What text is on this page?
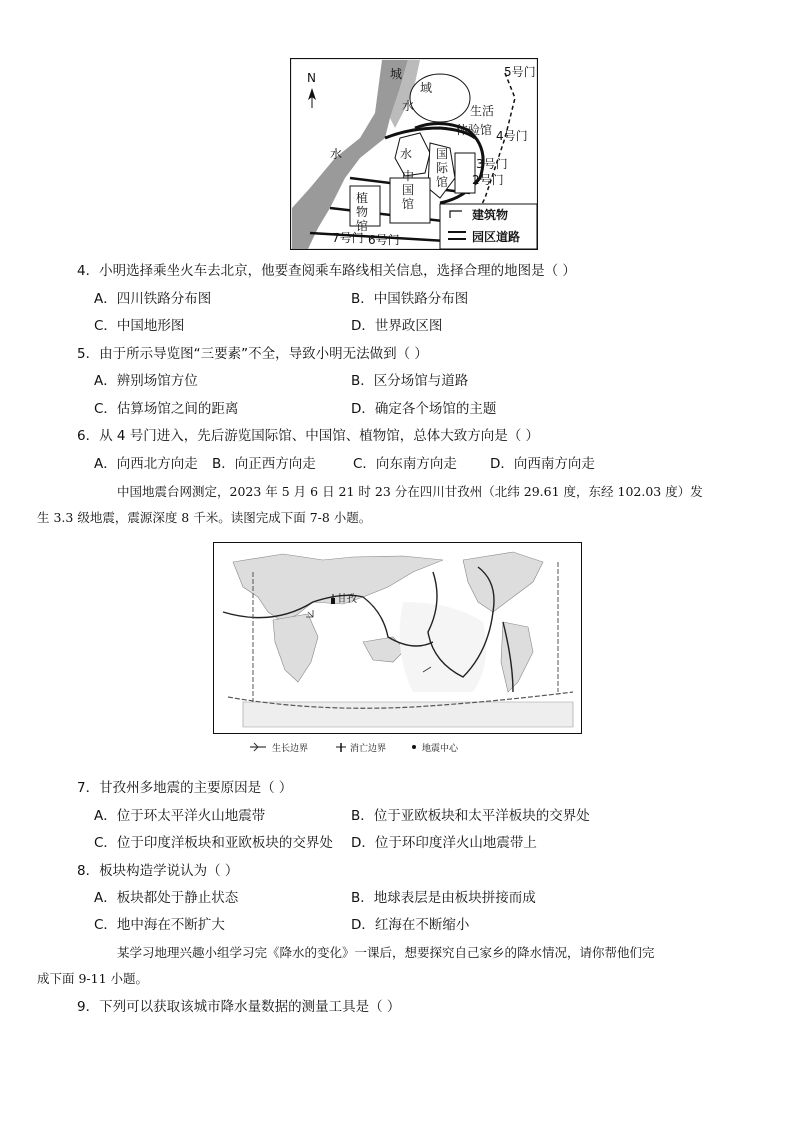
N	城	5号门
域
水	生活
体验馆 4号门
水	水 国
际
馆
3号门
2号门
中
国
馆
植
物
馆
7号门 6号门
建筑物
园区道路
4．小明选择乘坐火车去北京，他要查阅乘车路线相关信息，选择合理的地图是（ ）
A．四川铁路分布图	B．中国铁路分布图
C．中国地形图	D．世界政区图
5．由于所示导览图“三要素”不全，导致小明无法做到（ ）
A．辨别场馆方位	B．区分场馆与道路
C．估算场馆之间的距离	D．确定各个场馆的主题
6．从 4 号门进入，先后游览国际馆、中国馆、植物馆，总体大致方向是（ ）
A．向西北方向走 B．向正西方向走	C．向东南方向走 D．向西南方向走
中国地震台网测定，2023 年 5 月 6 日 21 时 23 分在四川甘孜州（北纬 29.61 度，东经 102.03 度）发
生 3.3 级地震，震源深度 8 千米。读图完成下面 7-8 小题。
甘孜
生长边界	消亡边界	地震中心
7．甘孜州多地震的主要原因是（ ）
A．位于环太平洋火山地震带	B．位于亚欧板块和太平洋板块的交界处
C．位于印度洋板块和亚欧板块的交界处 D．位于环印度洋火山地震带上
8．板块构造学说认为（ ）
A．板块都处于静止状态	B．地球表层是由板块拼接而成
C．地中海在不断扩大	D．红海在不断缩小
某学习地理兴趣小组学习完《降水的变化》一课后，想要探究自己家乡的降水情况，请你帮他们完
成下面 9-11 小题。
9．下列可以获取该城市降水量数据的测量工具是（ ）
